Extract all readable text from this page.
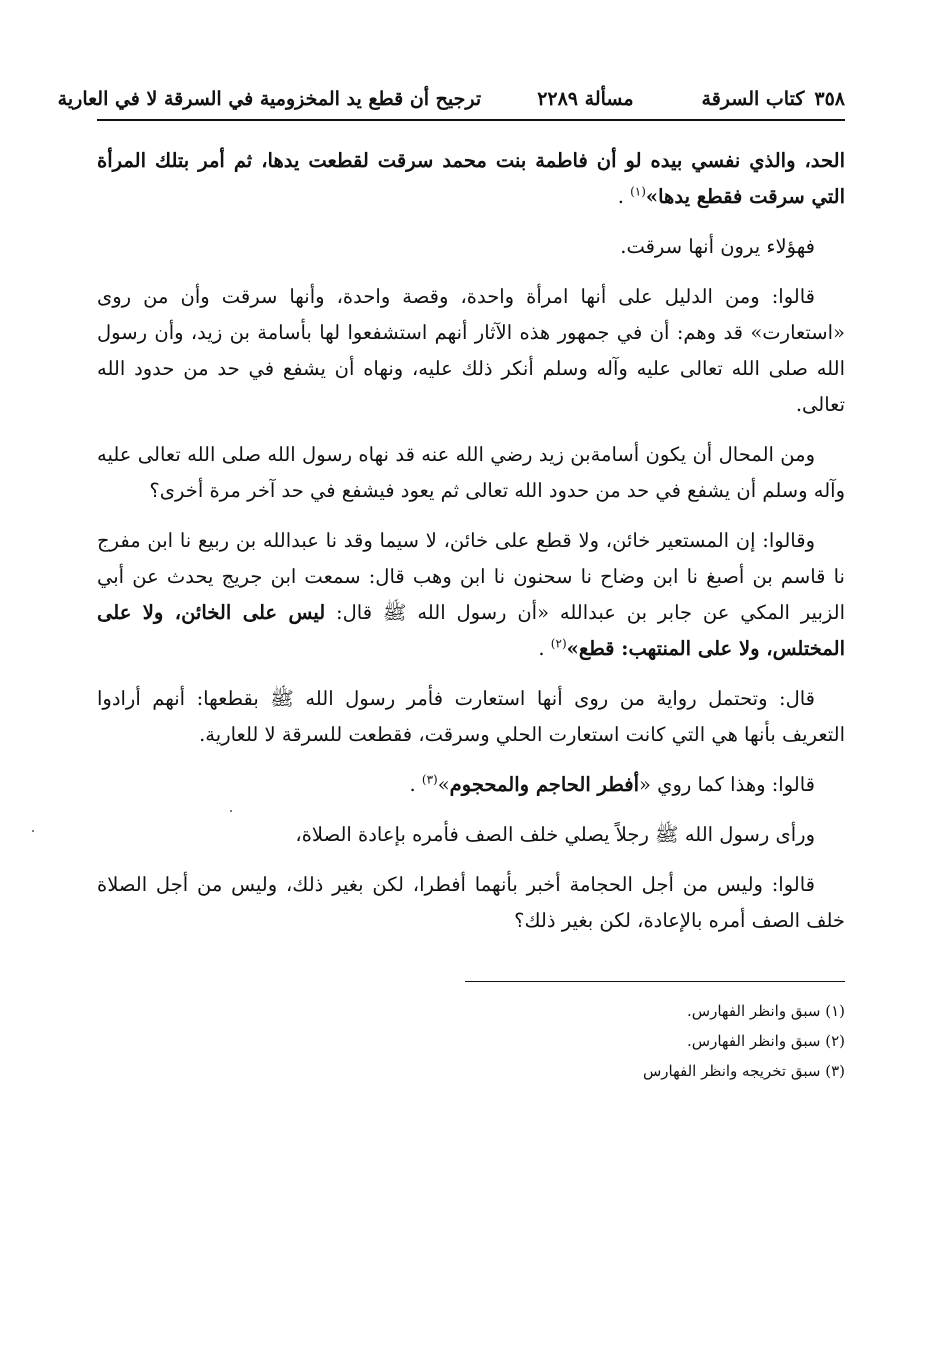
٣٥٨
كتاب السرقة
مسألة ٢٢٨٩
ترجيح أن قطع يد المخزومية في السرقة لا في العارية

الحد، والذي نفسي بيده لو أن فاطمة بنت محمد سرقت لقطعت يدها، ثم أمر بتلك المرأة التي سرقت فقطع يدها»$^{(١)}$ .

فهؤلاء يرون أنها سرقت.

قالوا: ومن الدليل على أنها امرأة واحدة، وقصة واحدة، وأنها سرقت وأن من روى «استعارت» قد وهم: أن في جمهور هذه الآثار أنهم استشفعوا لها بأسامة بن زيد، وأن رسول الله صلى الله تعالى عليه وآله وسلم أنكر ذلك عليه، ونهاه أن يشفع في حد من حدود الله تعالى.

ومن المحال أن يكون أسامةبن زيد رضي الله عنه قد نهاه رسول الله صلى الله تعالى عليه وآله وسلم أن يشفع في حد من حدود الله تعالى ثم يعود فيشفع في حد آخر مرة أخرى؟

وقالوا: إن المستعير خائن، ولا قطع على خائن، لا سيما وقد نا عبدالله بن ربيع نا ابن مفرج نا قاسم بن أصبغ نا ابن وضاح نا سحنون نا ابن وهب قال: سمعت ابن جريج يحدث عن أبي الزبير المكي عن جابر بن عبدالله «أن رسول الله ﷺ قال: ليس على الخائن، ولا على المختلس، ولا على المنتهب: قطع»$^{(٢)}$ .

قال: وتحتمل رواية من روى أنها استعارت فأمر رسول الله ﷺ بقطعها: أنهم أرادوا التعريف بأنها هي التي كانت استعارت الحلي وسرقت، فقطعت للسرقة لا للعارية.

قالوا: وهذا كما روي «أفطر الحاجم والمحجوم»$^{(٣)}$ .

ورأى رسول الله ﷺ رجلاً يصلي خلف الصف فأمره بإعادة الصلاة،

قالوا: وليس من أجل الحجامة أخبر بأنهما أفطرا، لكن بغير ذلك، وليس من أجل الصلاة خلف الصف أمره بالإعادة، لكن بغير ذلك؟

(١) سبق وانظر الفهارس.
(٢) سبق وانظر الفهارس.
(٣) سبق تخريجه وانظر الفهارس
